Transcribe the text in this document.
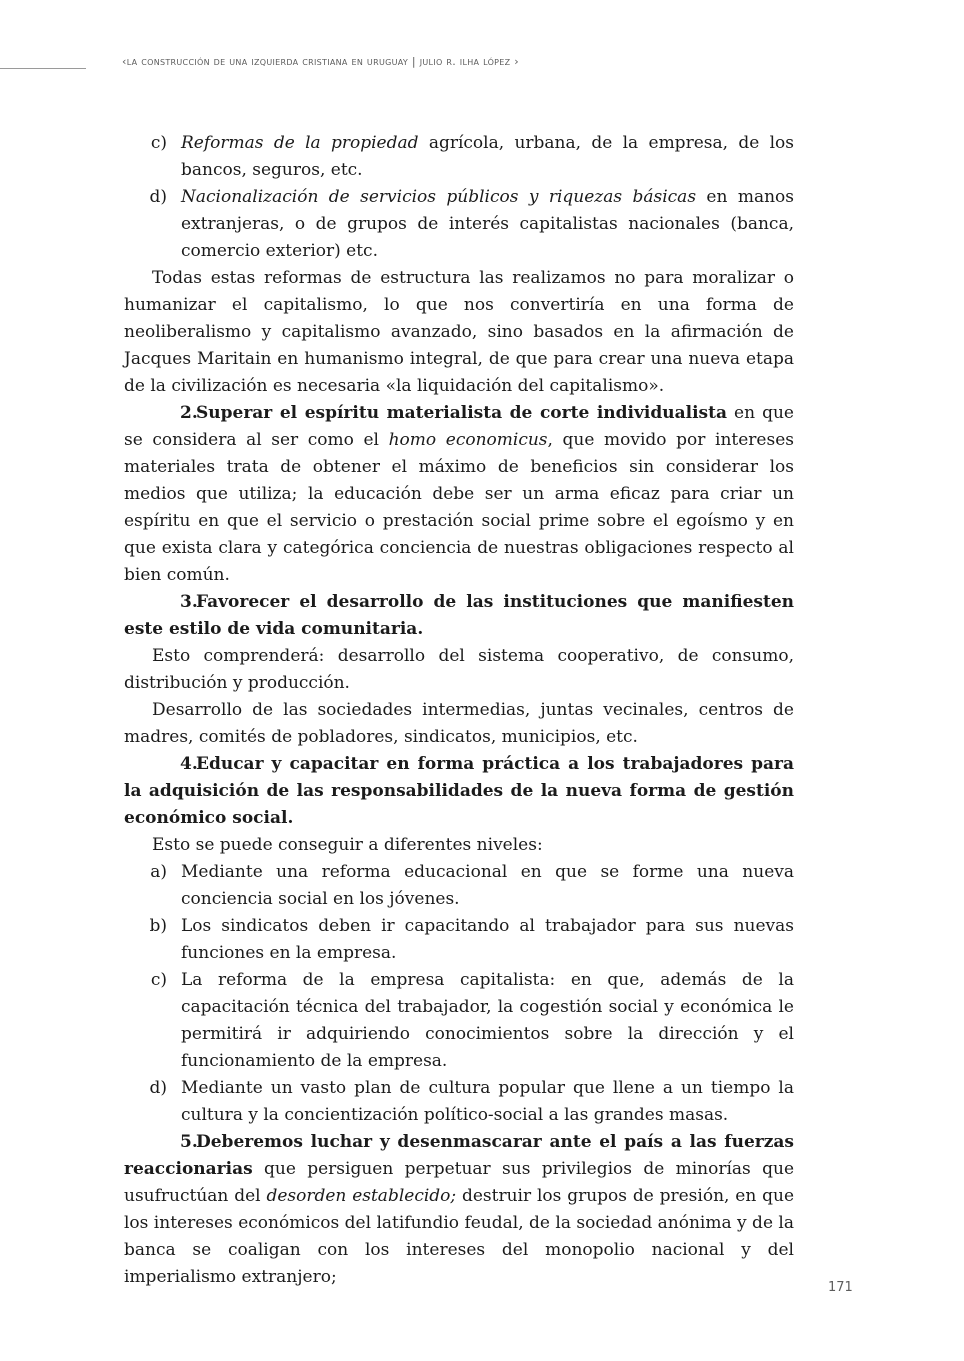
‹la construcción de una izquierda cristiana en uruguay | julio r. ilha lópez ›
c) Reformas de la propiedad agrícola, urbana, de la empresa, de los bancos, seguros, etc.
d) Nacionalización de servicios públicos y riquezas básicas en manos extranjeras, o de grupos de interés capitalistas nacionales (banca, comercio exterior) etc.

Todas estas reformas de estructura las realizamos no para moralizar o humanizar el capitalismo, lo que nos convertiría en una forma de neoliberalismo y capitalismo avanzado, sino basados en la afirmación de Jacques Maritain en humanismo integral, de que para crear una nueva etapa de la civilización es necesaria «la liquidación del capitalismo».

2.Superar el espíritu materialista de corte individualista en que se considera al ser como el homo economicus, que movido por intereses materiales trata de obtener el máximo de beneficios sin considerar los medios que utiliza; la educación debe ser un arma eficaz para criar un espíritu en que el servicio o prestación social prime sobre el egoísmo y en que exista clara y categórica conciencia de nuestras obligaciones respecto al bien común.

3.Favorecer el desarrollo de las instituciones que manifiesten este estilo de vida comunitaria.

Esto comprenderá: desarrollo del sistema cooperativo, de consumo, distribución y producción.

Desarrollo de las sociedades intermedias, juntas vecinales, centros de madres, comités de pobladores, sindicatos, municipios, etc.

4.Educar y capacitar en forma práctica a los trabajadores para la adquisición de las responsabilidades de la nueva forma de gestión económico social.

Esto se puede conseguir a diferentes niveles:

a) Mediante una reforma educacional en que se forme una nueva conciencia social en los jóvenes.
b) Los sindicatos deben ir capacitando al trabajador para sus nuevas funciones en la empresa.
c) La reforma de la empresa capitalista: en que, además de la capacitación técnica del trabajador, la cogestión social y económica le permitirá ir adquiriendo conocimientos sobre la dirección y el funcionamiento de la empresa.
d) Mediante un vasto plan de cultura popular que llene a un tiempo la cultura y la concientización político-social a las grandes masas.

5.Deberemos luchar y desenmascarar ante el país a las fuerzas reaccionarias que persiguen perpetuar sus privilegios de minorías que usufructúan del desorden establecido; destruir los grupos de presión, en que los intereses económicos del latifundio feudal, de la sociedad anónima y de la banca se coaligan con los intereses del monopolio nacional y del imperialismo extranjero;

171
